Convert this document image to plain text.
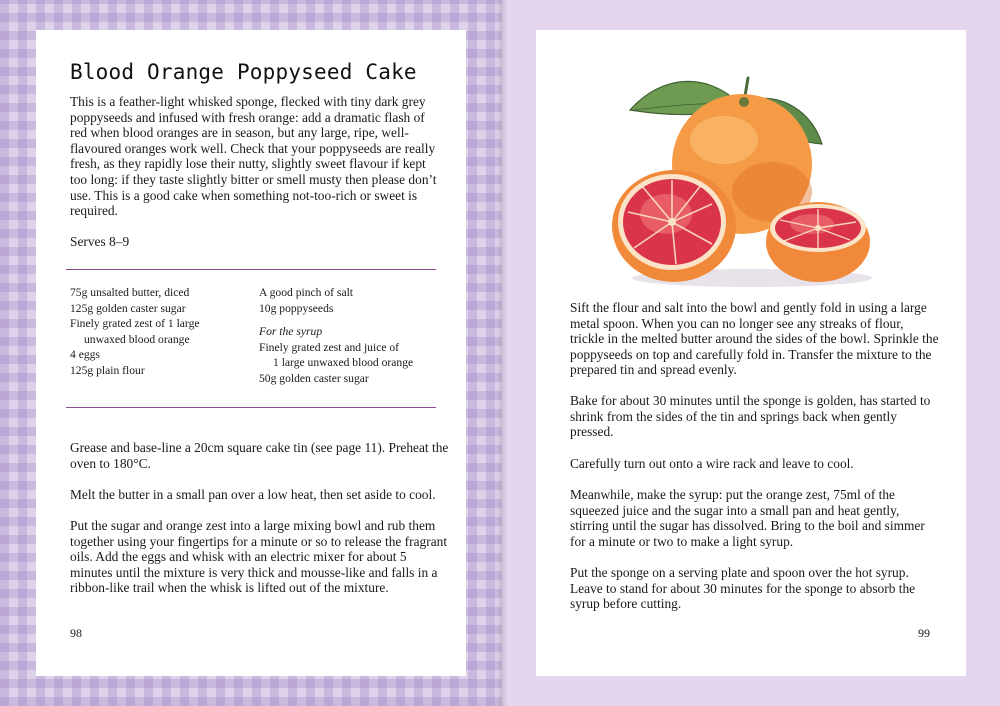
Blood Orange Poppyseed Cake

This is a feather-light whisked sponge, flecked with tiny dark grey poppyseeds and infused with fresh orange: add a dramatic flash of red when blood oranges are in season, but any large, ripe, well-flavoured oranges work well. Check that your poppyseeds are really fresh, as they rapidly lose their nutty, slightly sweet flavour if kept too long: if they taste slightly bitter or smell musty then please don’t use. This is a good cake when something not-too-rich or sweet is required.

Serves 8–9

75g unsalted butter, diced
125g golden caster sugar
Finely grated zest of 1 large
unwaxed blood orange
4 eggs
125g plain flour
A good pinch of salt
10g poppyseeds
For the syrup
Finely grated zest and juice of
1 large unwaxed blood orange
50g golden caster sugar

Grease and base-line a 20cm square cake tin (see page 11). Preheat the oven to 180°C.

Melt the butter in a small pan over a low heat, then set aside to cool.

Put the sugar and orange zest into a large mixing bowl and rub them together using your fingertips for a minute or so to release the fragrant oils. Add the eggs and whisk with an electric mixer for about 5 minutes until the mixture is very thick and mousse-like and falls in a ribbon-like trail when the whisk is lifted out of the mixture.

98

Sift the flour and salt into the bowl and gently fold in using a large metal spoon. When you can no longer see any streaks of flour, trickle in the melted butter around the sides of the bowl. Sprinkle the poppyseeds on top and carefully fold in. Transfer the mixture to the prepared tin and spread evenly.

Bake for about 30 minutes until the sponge is golden, has started to shrink from the sides of the tin and springs back when gently pressed.

Carefully turn out onto a wire rack and leave to cool.

Meanwhile, make the syrup: put the orange zest, 75ml of the squeezed juice and the sugar into a small pan and heat gently, stirring until the sugar has dissolved. Bring to the boil and simmer for a minute or two to make a light syrup.

Put the sponge on a serving plate and spoon over the hot syrup. Leave to stand for about 30 minutes for the sponge to absorb the syrup before cutting.

99
